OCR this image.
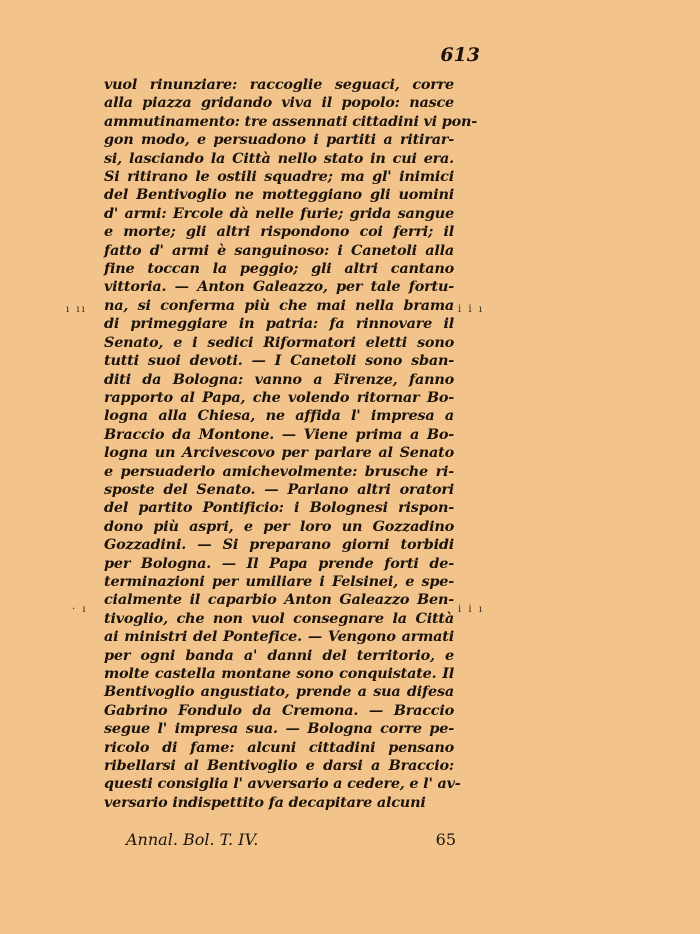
613
ı ıı	ı̇ ı̇ ı
· ı	ı̇ ı̇ ı
vuol rinunziare: raccoglie seguaci, corre
alla piazza gridando viva il popolo: nasce
ammutinamento: tre assennati cittadini vi pon-
gon modo, e persuadono i partiti a ritirar-
si, lasciando la Città nello stato in cui era.
Si ritirano le ostili squadre; ma gl' inimici
del Bentivoglio ne motteggiano gli uomini
d' armi: Ercole dà nelle furie; grida sangue
e morte; gli altri rispondono coi ferri; il
fatto d' armi è sanguinoso: i Canetoli alla
fine toccan la peggio; gli altri cantano
vittoria. — Anton Galeazzo, per tale fortu-
na, si conferma più che mai nella brama
di primeggiare in patria: fa rinnovare il
Senato, e i sedici Riformatori eletti sono
tutti suoi devoti. — I Canetoli sono sban-
diti da Bologna: vanno a Firenze, fanno
rapporto al Papa, che volendo ritornar Bo-
logna alla Chiesa, ne affida l' impresa a
Braccio da Montone. — Viene prima a Bo-
logna un Arcivescovo per parlare al Senato
e persuaderlo amichevolmente: brusche ri-
sposte del Senato. — Parlano altri oratori
del partito Pontificio: i Bolognesi rispon-
dono più aspri, e per loro un Gozzadino
Gozzadini. — Si preparano giorni torbidi
per Bologna. — Il Papa prende forti de-
terminazioni per umiliare i Felsinei, e spe-
cialmente il caparbio Anton Galeazzo Ben-
tivoglio, che non vuol consegnare la Città
ai ministri del Pontefice. — Vengono armati
per ogni banda a' danni del territorio, e
molte castella montane sono conquistate. Il
Bentivoglio angustiato, prende a sua difesa
Gabrino Fondulo da Cremona. — Braccio
segue l' impresa sua. — Bologna corre pe-
ricolo di fame: alcuni cittadini pensano
ribellarsi al Bentivoglio e darsi a Braccio:
questi consiglia l' avversario a cedere, e l' av-
versario indispettito fa decapitare alcuni
Annal. Bol. T. IV.	65
